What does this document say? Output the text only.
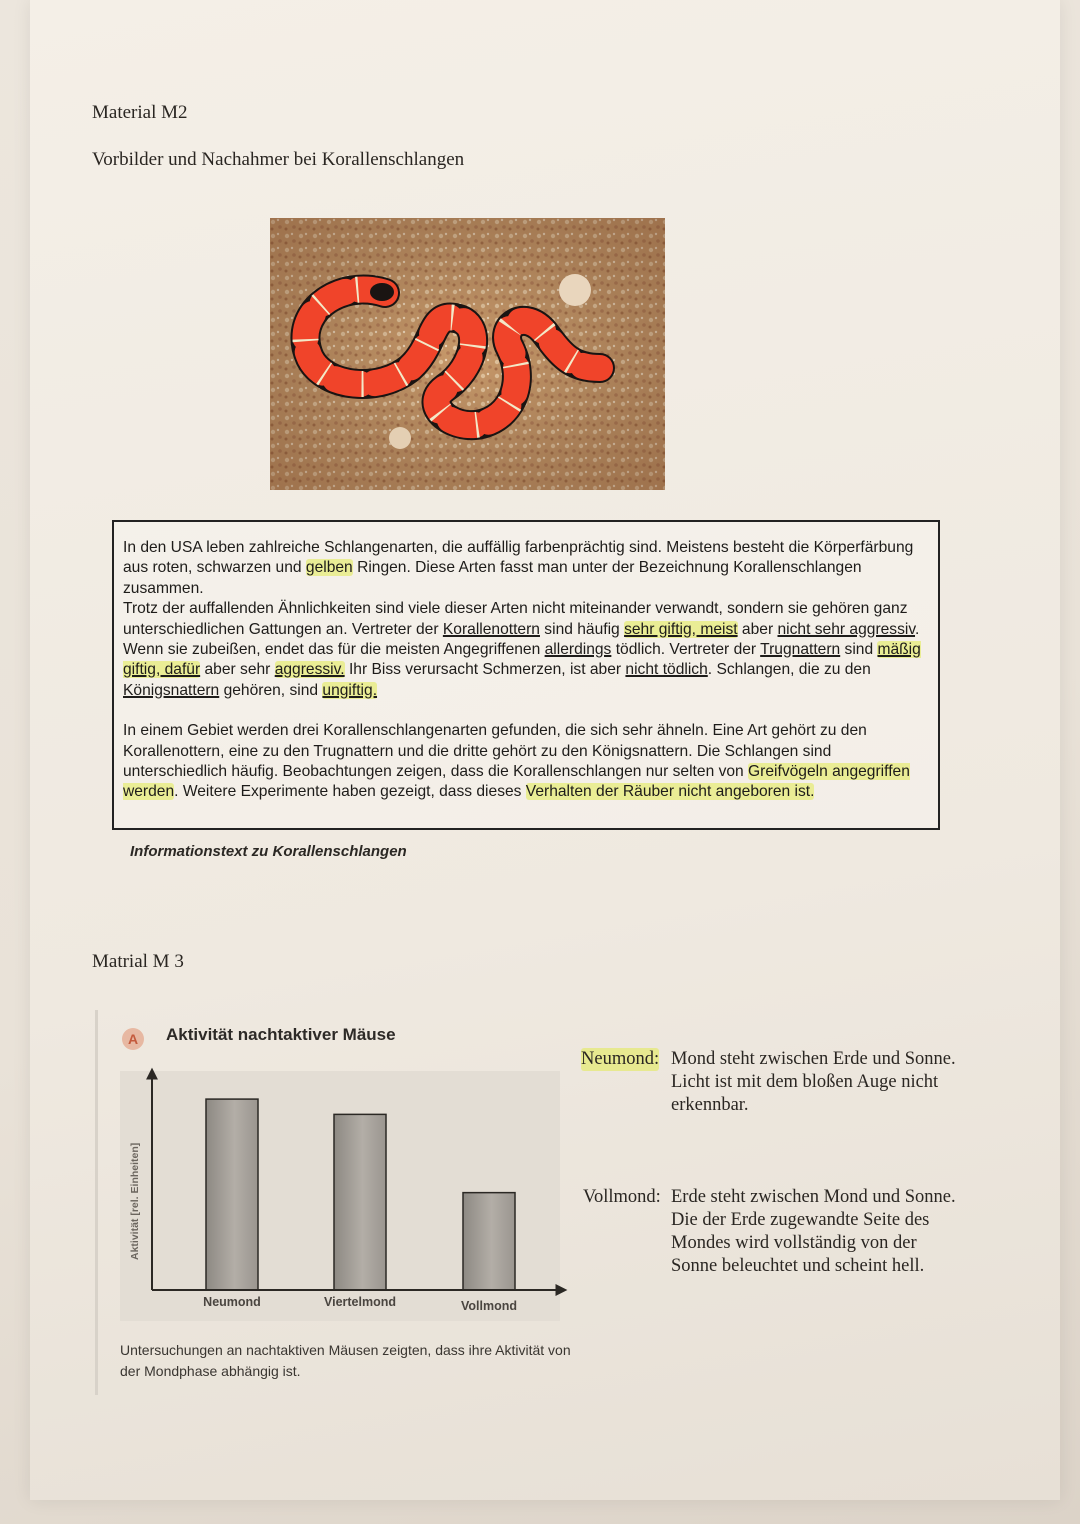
Material M2
Vorbilder und Nachahmer bei Korallenschlangen

In den USA leben zahlreiche Schlangenarten, die auffällig farbenprächtig sind. Meistens besteht die Körperfärbung aus roten, schwarzen und gelben Ringen. Diese Arten fasst man unter der Bezeichnung Korallenschlangen zusammen.
Trotz der auffallenden Ähnlichkeiten sind viele dieser Arten nicht miteinander verwandt, sondern sie gehören ganz unterschiedlichen Gattungen an. Vertreter der Korallenottern sind häufig sehr giftig, meist aber nicht sehr aggressiv. Wenn sie zubeißen, endet das für die meisten Angegriffenen allerdings tödlich. Vertreter der Trugnattern sind mäßig giftig, dafür aber sehr aggressiv. Ihr Biss verursacht Schmerzen, ist aber nicht tödlich. Schlangen, die zu den Königsnattern gehören, sind ungiftig.

In einem Gebiet werden drei Korallenschlangenarten gefunden, die sich sehr ähneln. Eine Art gehört zu den Korallenottern, eine zu den Trugnattern und die dritte gehört zu den Königsnattern. Die Schlangen sind unterschiedlich häufig. Beobachtungen zeigen, dass die Korallenschlangen nur selten von Greifvögeln angegriffen werden. Weitere Experimente haben gezeigt, dass dieses Verhalten der Räuber nicht angeboren ist.

Informationstext zu Korallenschlangen
Matrial M 3
A	Aktivität nachtaktiver Mäuse
Aktivität [rel. Einheiten]
Neumond	Viertelmond	Vollmond
Untersuchungen an nachtaktiven Mäusen zeigten, dass ihre Aktivität von der Mondphase abhängig ist.
Neumond: Mond steht zwischen Erde und Sonne.
Licht ist mit dem bloßen Auge nicht erkennbar.
Vollmond: Erde steht zwischen Mond und Sonne.
Die der Erde zugewandte Seite des Mondes wird vollständig von der Sonne beleuchtet und scheint hell.
